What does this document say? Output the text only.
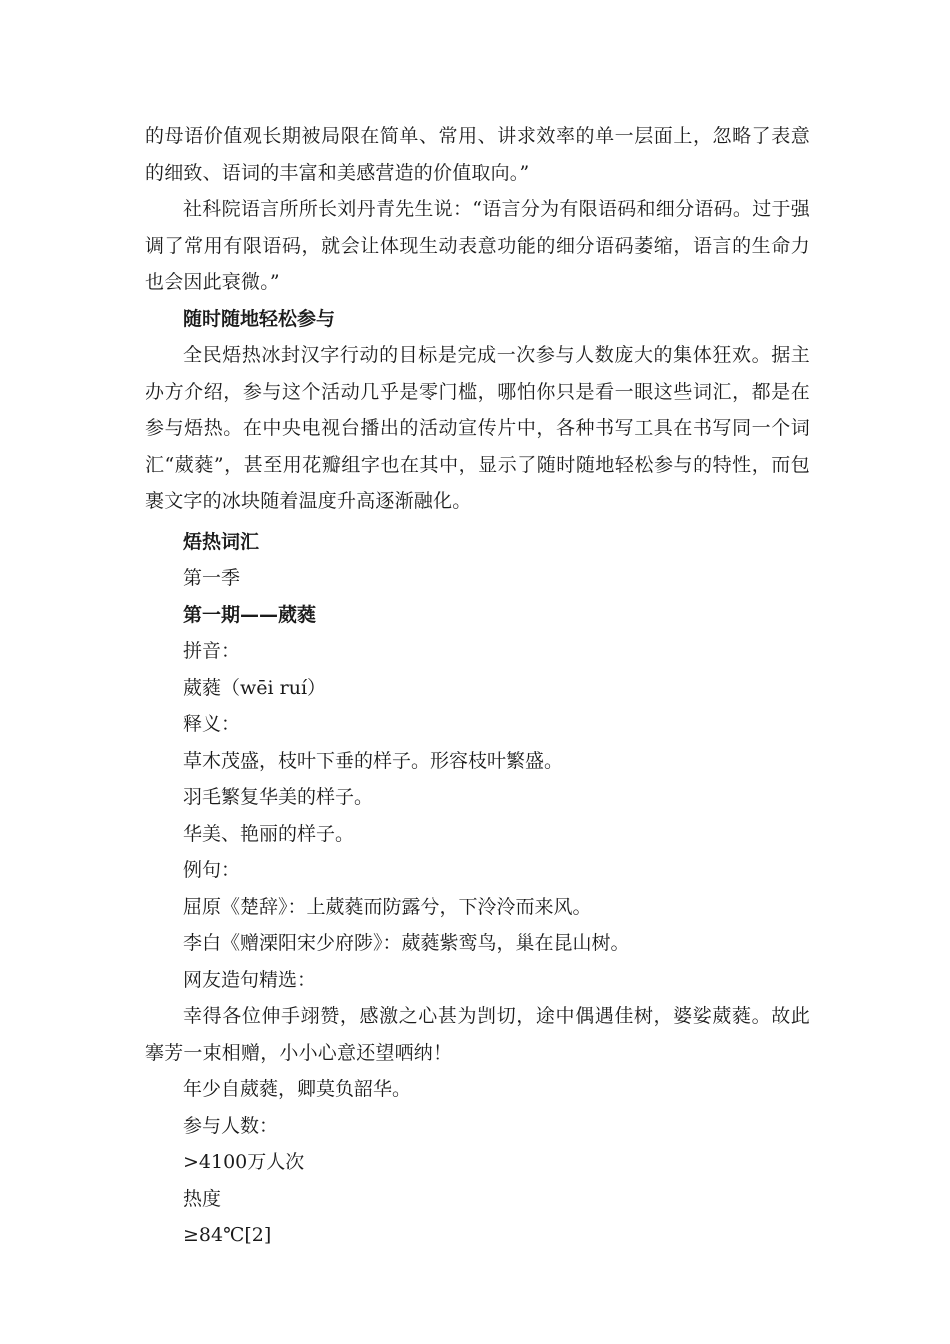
的母语价值观长期被局限在简单、常用、讲求效率的单一层面上，忽略了表意的细致、语词的丰富和美感营造的价值取向。”

社科院语言所所长刘丹青先生说：“语言分为有限语码和细分语码。过于强调了常用有限语码，就会让体现生动表意功能的细分语码萎缩，语言的生命力也会因此衰微。”

随时随地轻松参与

全民焐热冰封汉字行动的目标是完成一次参与人数庞大的集体狂欢。据主办方介绍，参与这个活动几乎是零门槛，哪怕你只是看一眼这些词汇，都是在参与焐热。在中央电视台播出的活动宣传片中，各种书写工具在书写同一个词汇“葳蕤”，甚至用花瓣组字也在其中，显示了随时随地轻松参与的特性，而包裹文字的冰块随着温度升高逐渐融化。

焐热词汇

第一季

第一期——葳蕤

拼音：

葳蕤（wēi ruí）

释义：

草木茂盛，枝叶下垂的样子。形容枝叶繁盛。

羽毛繁复华美的样子。

华美、艳丽的样子。

例句：

屈原《楚辞》：上葳蕤而防露兮，下泠泠而来风。

李白《赠溧阳宋少府陟》：葳蕤紫鸾鸟，巢在昆山树。

网友造句精选：

幸得各位伸手翊赞，感激之心甚为剀切，途中偶遇佳树，婆娑葳蕤。故此搴芳一束相赠，小小心意还望哂纳！

年少自葳蕤，卿莫负韶华。

参与人数：

>4100万人次

热度

≥84℃[2]
